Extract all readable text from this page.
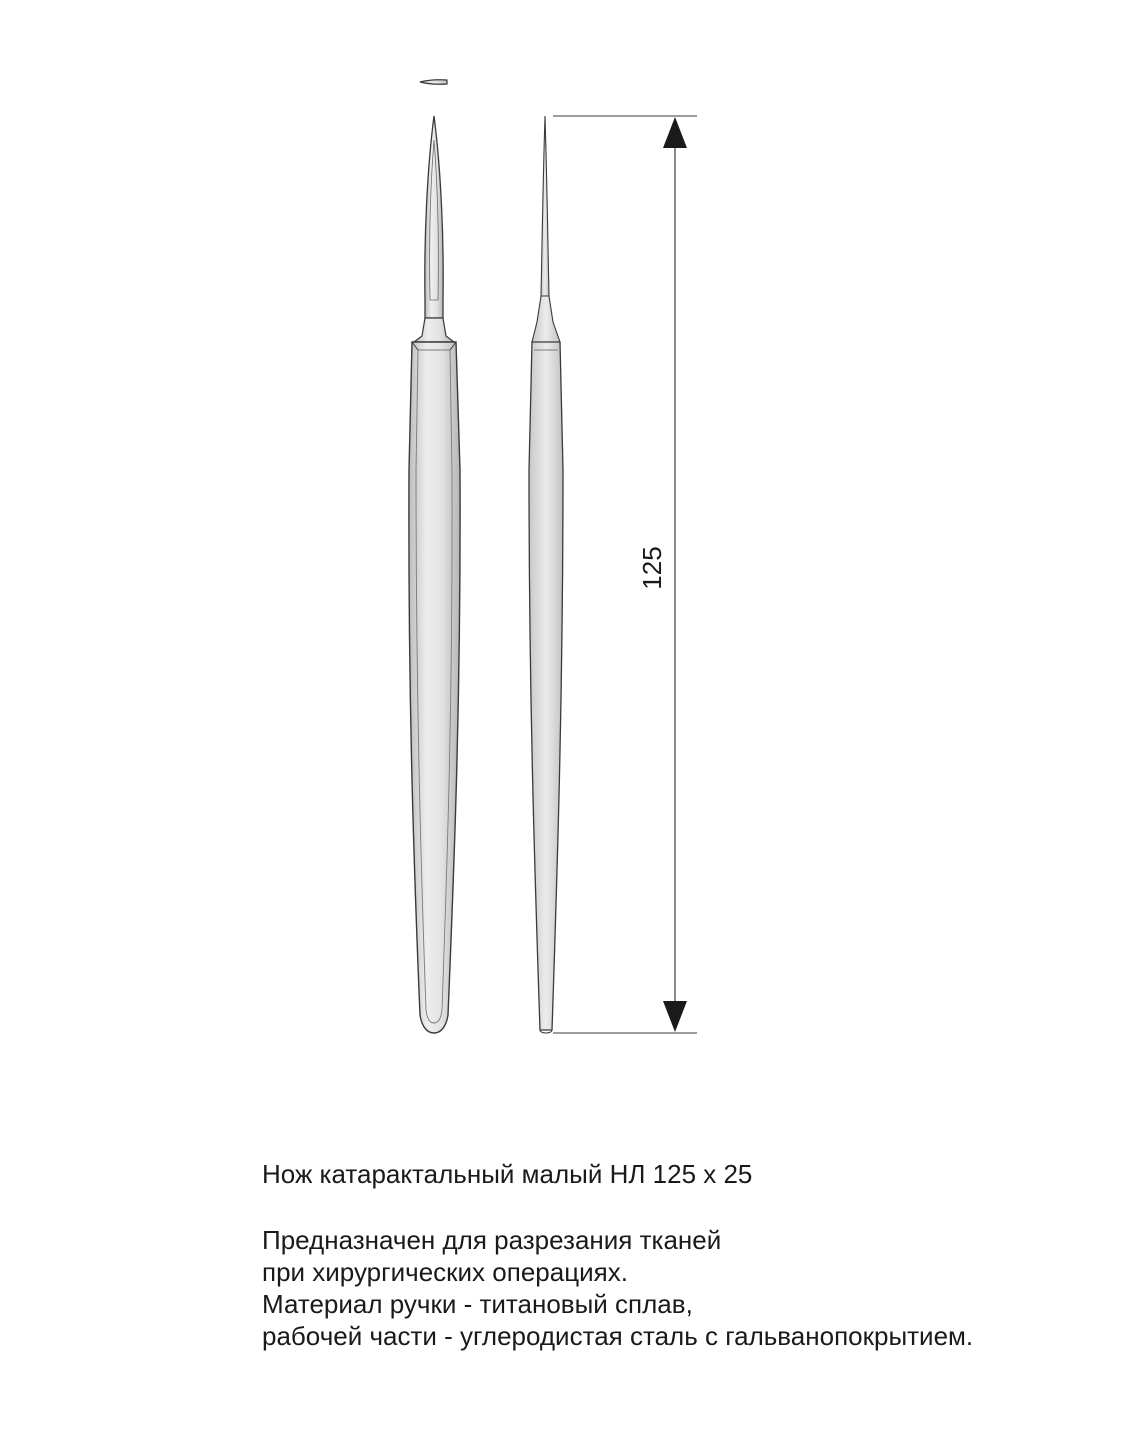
125
Нож катарактальный малый НЛ 125 x 25
Предназначен для разрезания тканей
при хирургических операциях.
Материал ручки - титановый сплав,
рабочей части - углеродистая сталь с гальванопокрытием.
